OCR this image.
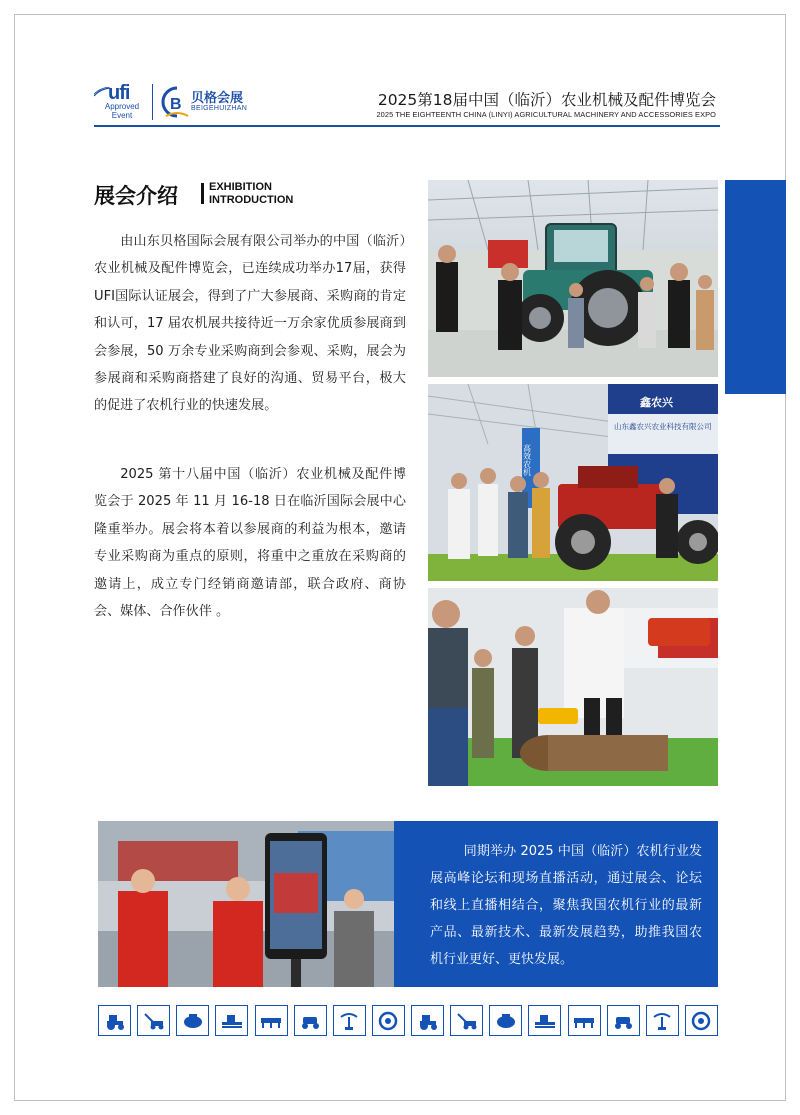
ufi
Approved
Event
B 贝格会展
BEIGEHUIZHAN	2025第18届中国（临沂）农业机械及配件博览会
2025 THE EIGHTEENTH CHINA (LINYI) AGRICULTURAL MACHINERY AND ACCESSORIES EXPO
展会介绍	EXHIBITION
INTRODUCTION

由山东贝格国际会展有限公司举办的中国（临沂）农业机械及配件博览会，已连续成功举办17届，获得UFI国际认证展会，得到了广大参展商、采购商的肯定和认可，17 届农机展共接待近一万余家优质参展商到会参展，50 万余专业采购商到会参观、采购，展会为参展商和采购商搭建了良好的沟通、贸易平台，极大的促进了农机行业的快速发展。

2025 第十八届中国（临沂）农业机械及配件博览会于 2025 年 11 月 16-18 日在临沂国际会展中心隆重举办。展会将本着以参展商的利益为根本，邀请专业采购商为重点的原则，将重中之重放在采购商的邀请上，成立专门经销商邀请部，联合政府、商协会、媒体、合作伙伴 。

鑫农兴
山东鑫农兴农业科技有限公司
高效农机

同期举办 2025 中国（临沂）农机行业发展高峰论坛和现场直播活动，通过展会、论坛和线上直播相结合，聚焦我国农机行业的最新产品、最新技术、最新发展趋势，助推我国农机行业更好、更快发展。
